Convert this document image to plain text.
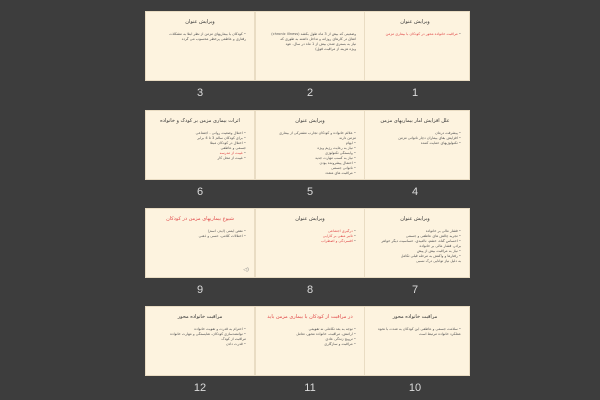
ویرایش عنوان
• مراقبت خانواده محور در کودکان با بیماری مزمن
1
وضعیتی که بیش از 3 ماه طول بکشد (chronic illness)
اتفاق در کارهای روزانه و تداخل داشته به طوری که
نیاز به بستری شدن بیش از 1 ماه در سال، عود
ویژه هزینه از مراقبت فوق)
2
ویرایش عنوان
• کودکان با بیماریهای مزمن از نظر ابتلا به مشکلات
رفتاری و عاطفی پرخطر محسوب می گردد
3
علل افزایش آمار بیماریهای مزمن
• پیشرفت درمان
• افزایش بقای بیماران دچار ناتوانی مزمن
• تکنولوژیهای حمایت کننده
4
ویرایش عنوان
• علائم خانواده و کودکان تجارب مشترکی از بیماری
مزمن دارند
• ابهام
• نیاز به رعایت رژیم ویژه
• وابستگی تکنولوژی
• نیاز به کسب مهارت جدید
• احتمال پیشرونده بودن
• ناتوانی جسمی
• مراقبت های متعدد
5
اثرات بیماری مزمن بر کودک و خانواده
• اختلال وضعیت روانی - اجتماعی
• برای کودکان سالم 3 تا 4 برابر
• اختلال در کودکان مبتلا
جسمی و عاطفی
• غیبت از مدرسه
• غیبت از محل کار
6
ویرایش عنوان
• فشار مالی بر خانواده
• تجربه چالش های عاطفی و جسمی
• احساس گناه، خشم، ناامیدی، حساسیت دیگر خواهر
برادر، فشار مالی بر خانواده
• نیاز به مراقبت بیش از پیش
• رفتارها و واکنش به مرحله قبلی تکامل
به دلیل نیاز توانایی درک نسبی
7
ویرایش عنوان
• درگیری اجتماعی
• تاثیر منفی بر کارایی
• افسردگی و اضطراب
8
شیوع بیماریهای مزمن در کودکان
• نقص ایمنی (ایدز، آسم)
• اختلالات کلامی، حسی و ذهنی
◁)
9
مراقبت خانواده محور
• سلامت جسمی و عاطفی این کودکان به شدت با نحوه
عملکرد خانواده مرتبط است
10
در مراقبت از کودکان با بیماری مزمن باید
• توجه به بعد تکاملی نه تقویمی
• آرامش، مراقبت، خانواده محور، تعامل
• ترویج زندگی عادی
• مراقبت و سازگاری
11
مراقبت خانواده محور
• احترام به قدرت و تقویت خانواده
• توانمندسازی کودکان، شایستگی و مهارت خانواده
مراقبت از کودک
• قدرت دادن
12
